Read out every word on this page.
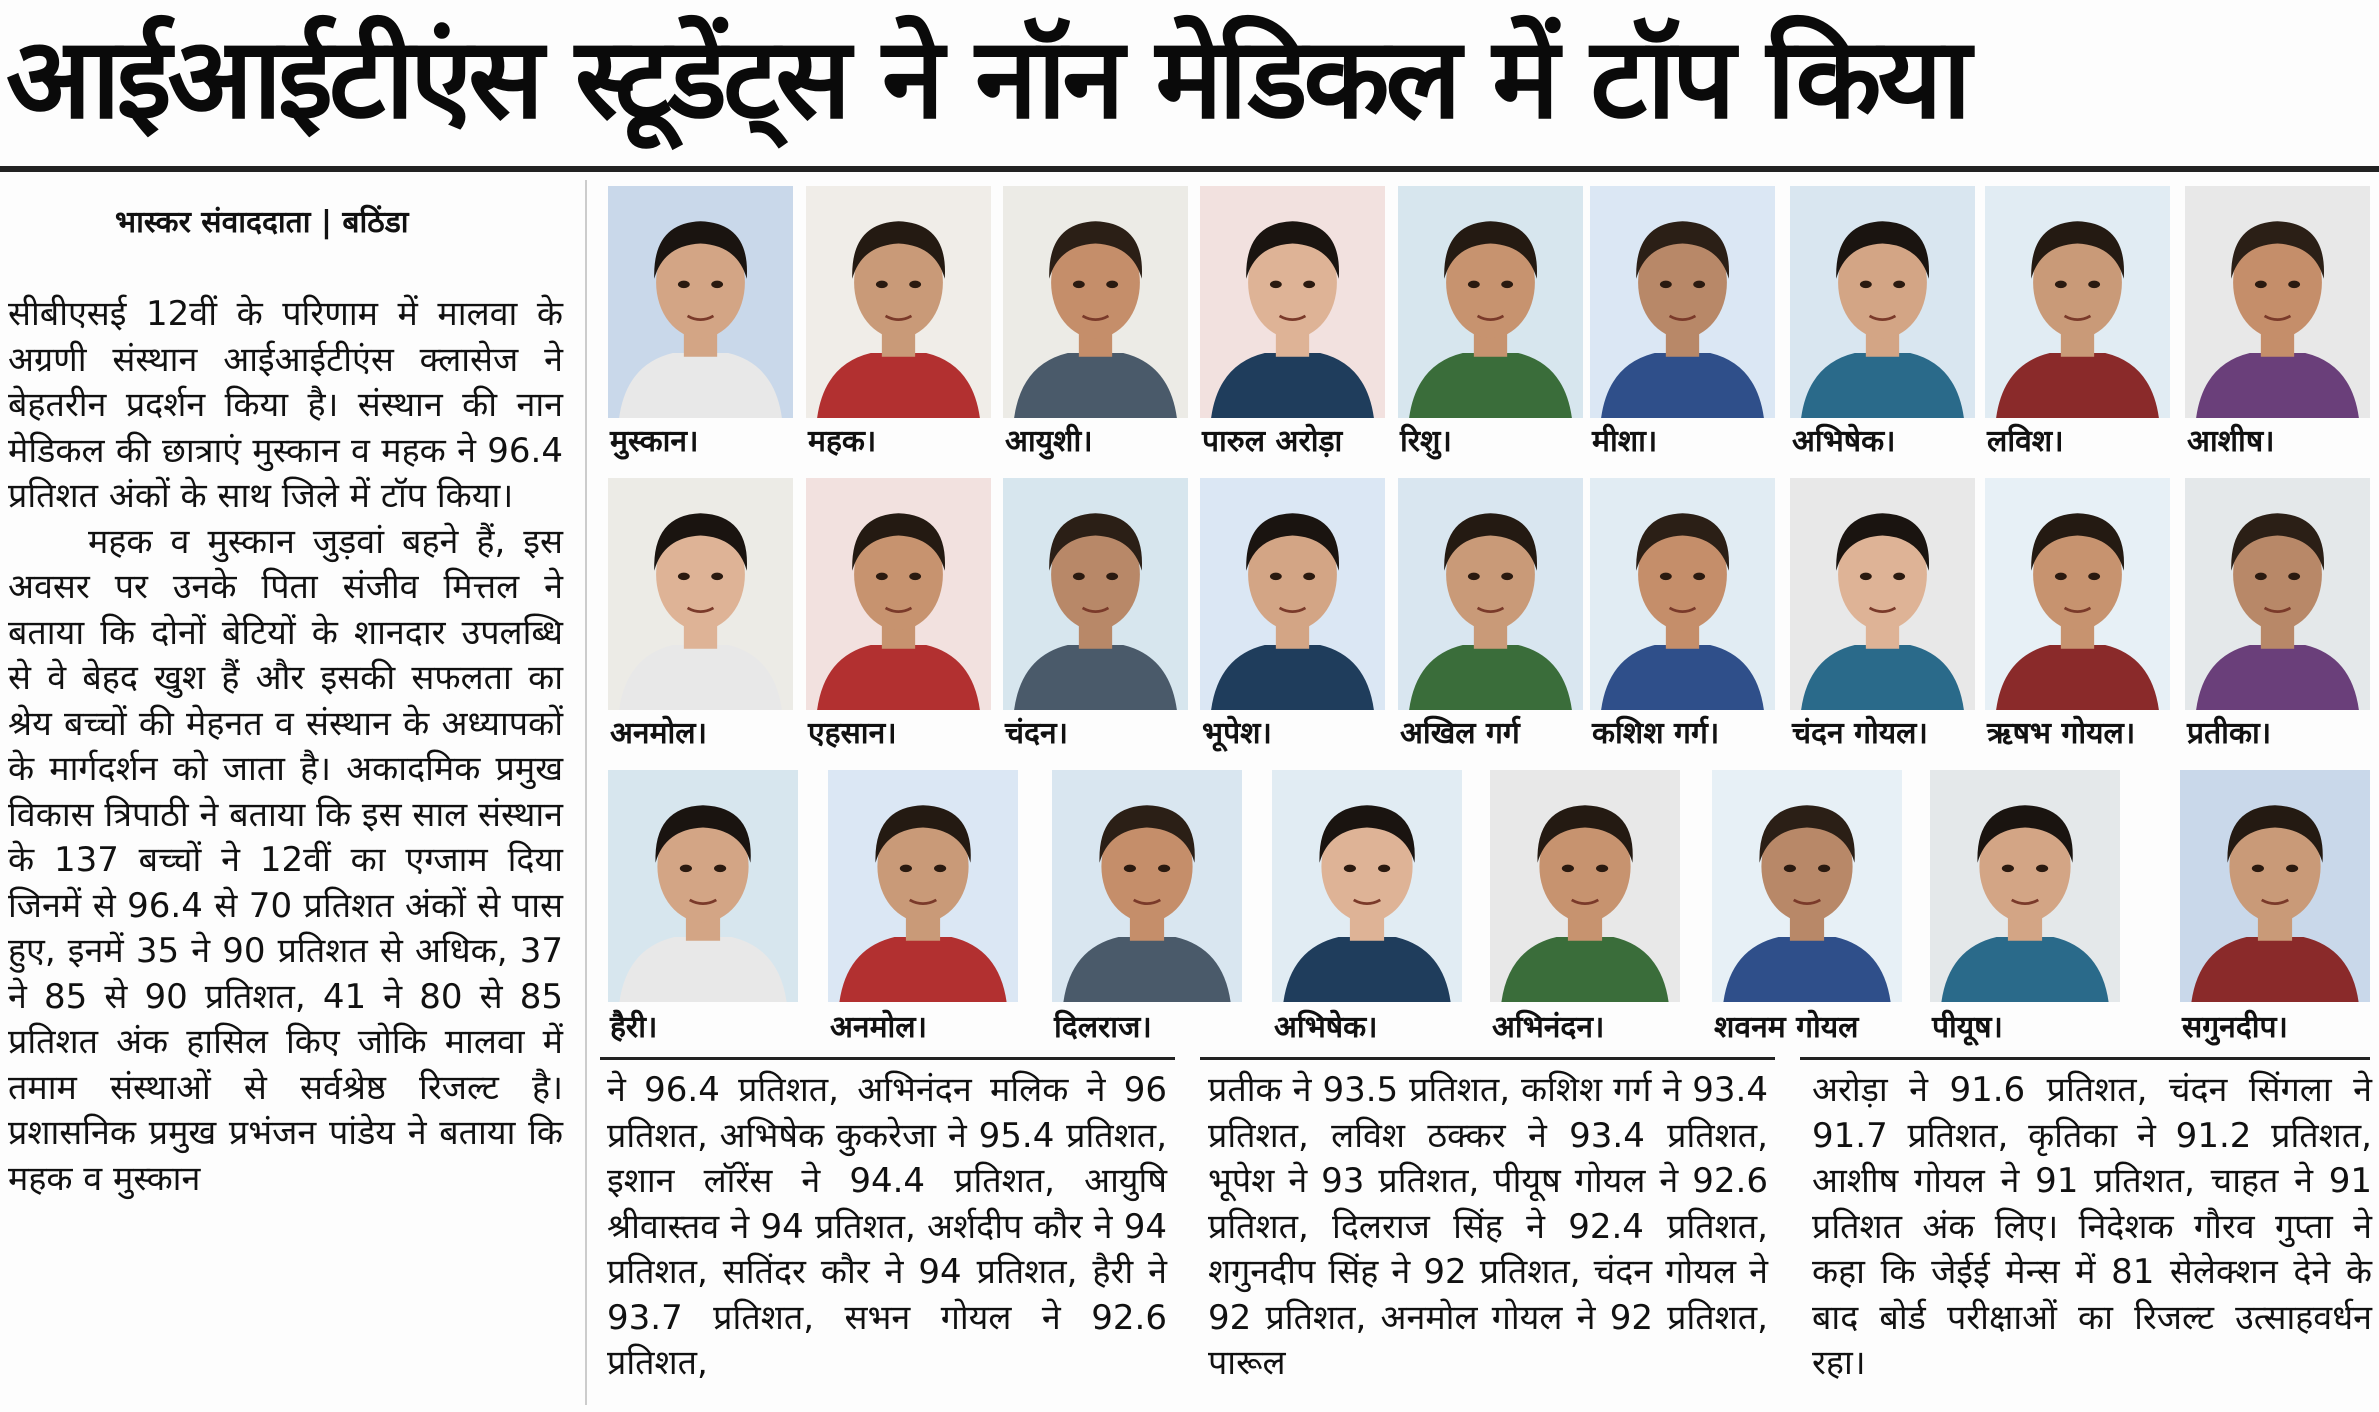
आईआईटीएंस स्टूडेंट्स ने नॉन मेडिकल में टॉप किया
भास्कर संवाददाता | बठिंडा

सीबीएसई 12वीं के परिणाम में मालवा के अग्रणी संस्थान आईआईटीएंस क्लासेज ने बेहतरीन प्रदर्शन किया है। संस्थान की नान मेडिकल की छात्राएं मुस्कान व महक ने 96.4 प्रतिशत अंकों के साथ जिले में टॉप किया।

महक व मुस्कान जुड़वां बहने हैं, इस अवसर पर उनके पिता संजीव मित्तल ने बताया कि दोनों बेटियों के शानदार उपलब्धि से वे बेहद खुश हैं और इसकी सफलता का श्रेय बच्चों की मेहनत व संस्थान के अध्यापकों के मार्गदर्शन को जाता है। अकादमिक प्रमुख विकास त्रिपाठी ने बताया कि इस साल संस्थान के 137 बच्चों ने 12वीं का एग्जाम दिया जिनमें से 96.4 से 70 प्रतिशत अंकों से पास हुए, इनमें 35 ने 90 प्रतिशत से अधिक, 37 ने 85 से 90 प्रतिशत, 41 ने 80 से 85 प्रतिशत अंक हासिल किए जोकि मालवा में तमाम संस्थाओं से सर्वश्रेष्ठ रिजल्ट है। प्रशासनिक प्रमुख प्रभंजन पांडेय ने बताया कि महक व मुस्कान

मुस्कान।	महक।	आयुशी।	पारुल अरोड़ा रिशु।	मीशा।	अभिषेक।	लविश।	आशीष।
अनमोल।	एहसान।	चंदन।	भूपेश।	अखिल गर्ग कशिश गर्ग। चंदन गोयल। ऋषभ गोयल। प्रतीका।
हैरी।	अनमोल।	दिलराज।	अभिषेक।	अभिनंदन।	शवनम गोयल पीयूष।	सगुनदीप।
ने 96.4 प्रतिशत, अभिनंदन मलिक ने 96 प्रतिशत, अभिषेक कुकरेजा ने 95.4 प्रतिशत, इशान लॉरेंस ने 94.4 प्रतिशत, आयुषि श्रीवास्तव ने 94 प्रतिशत, अर्शदीप कौर ने 94 प्रतिशत, सतिंदर कौर ने 94 प्रतिशत, हैरी ने 93.7 प्रतिशत, सभन गोयल ने 92.6 प्रतिशत,
प्रतीक ने 93.5 प्रतिशत, कशिश गर्ग ने 93.4 प्रतिशत, लविश ठक्कर ने 93.4 प्रतिशत, भूपेश ने 93 प्रतिशत, पीयूष गोयल ने 92.6 प्रतिशत, दिलराज सिंह ने 92.4 प्रतिशत, शगुनदीप सिंह ने 92 प्रतिशत, चंदन गोयल ने 92 प्रतिशत, अनमोल गोयल ने 92 प्रतिशत, पारूल
अरोड़ा ने 91.6 प्रतिशत, चंदन सिंगला ने 91.7 प्रतिशत, कृतिका ने 91.2 प्रतिशत, आशीष गोयल ने 91 प्रतिशत, चाहत ने 91 प्रतिशत अंक लिए। निदेशक गौरव गुप्ता ने कहा कि जेईई मेन्स में 81 सेलेक्शन देने के बाद बोर्ड परीक्षाओं का रिजल्ट उत्साहवर्धन रहा।
